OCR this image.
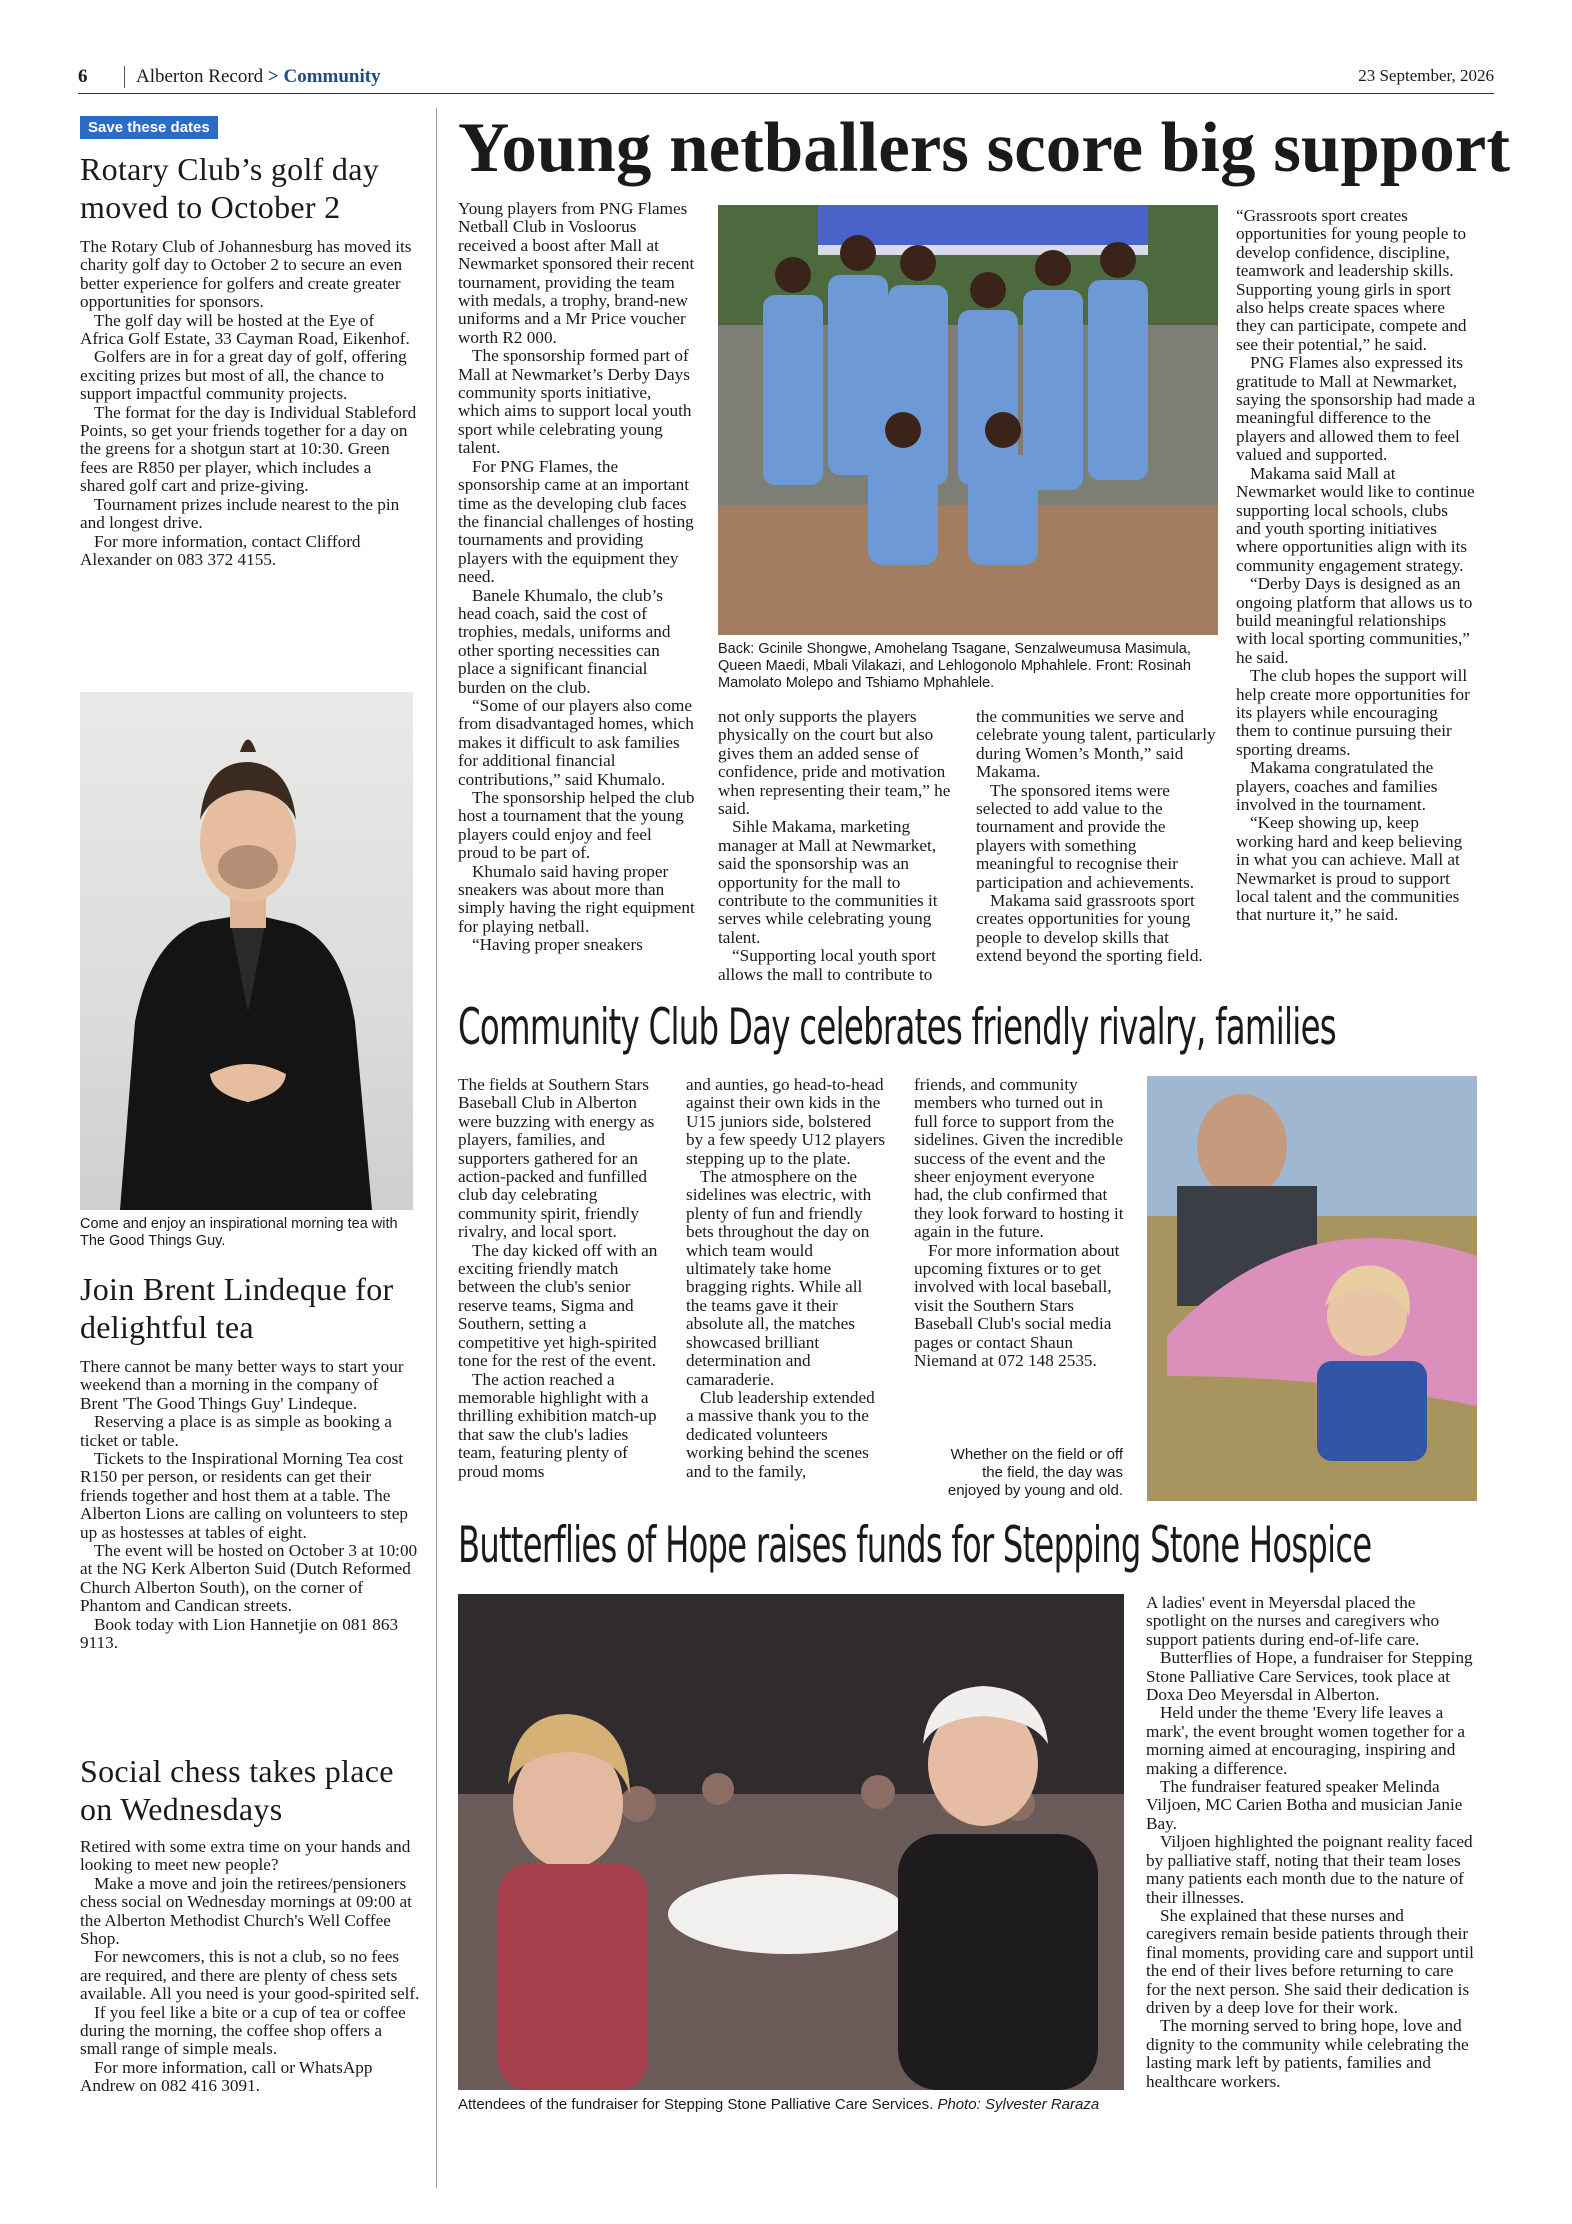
6	Alberton Record > Community	23 September, 2026
Save these dates
Rotary Club’s golf day moved to October 2

The Rotary Club of Johannesburg has moved its charity golf day to October 2 to secure an even better experience for golfers and create greater opportunities for sponsors.

The golf day will be hosted at the Eye of Africa Golf Estate, 33 Cayman Road, Eikenhof.

Golfers are in for a great day of golf, offering exciting prizes but most of all, the chance to support impactful community projects.

The format for the day is Individual Stableford Points, so get your friends together for a day on the greens for a shotgun start at 10:30. Green fees are R850 per player, which includes a shared golf cart and prize-giving.

Tournament prizes include nearest to the pin and longest drive.

For more information, contact Clifford Alexander on 083 372 4155.

Come and enjoy an inspirational morning tea with The Good Things Guy.
Join Brent Lindeque for delightful tea

There cannot be many better ways to start your weekend than a morning in the company of Brent 'The Good Things Guy' Lindeque.

Reserving a place is as simple as booking a ticket or table.

Tickets to the Inspirational Morning Tea cost R150 per person, or residents can get their friends together and host them at a table. The Alberton Lions are calling on volunteers to step up as hostesses at tables of eight.

The event will be hosted on October 3 at 10:00 at the NG Kerk Alberton Suid (Dutch Reformed Church Alberton South), on the corner of Phantom and Candican streets.

Book today with Lion Hannetjie on 081 863 9113.

Social chess takes place on Wednesdays

Retired with some extra time on your hands and looking to meet new people?

Make a move and join the retirees/pensioners chess social on Wednesday mornings at 09:00 at the Alberton Methodist Church's Well Coffee Shop.

For newcomers, this is not a club, so no fees are required, and there are plenty of chess sets available. All you need is your good-spirited self.

If you feel like a bite or a cup of tea or coffee during the morning, the coffee shop offers a small range of simple meals.

For more information, call or WhatsApp Andrew on 082 416 3091.

Young netballers score big support

Young players from PNG Flames Netball Club in Vosloorus received a boost after Mall at Newmarket sponsored their recent tournament, providing the team with medals, a trophy, brand-new uniforms and a Mr Price voucher worth R2 000.

The sponsorship formed part of Mall at Newmarket’s Derby Days community sports initiative, which aims to support local youth sport while celebrating young talent.

For PNG Flames, the sponsorship came at an important time as the developing club faces the financial challenges of hosting tournaments and providing players with the equipment they need.

Banele Khumalo, the club’s head coach, said the cost of trophies, medals, uniforms and other sporting necessities can place a significant financial burden on the club.

“Some of our players also come from disadvantaged homes, which makes it difficult to ask families for additional financial contributions,” said Khumalo.

The sponsorship helped the club host a tournament that the young players could enjoy and feel proud to be part of.

Khumalo said having proper sneakers was about more than simply having the right equipment for playing netball.

“Having proper sneakers

Back: Gcinile Shongwe, Amohelang Tsagane, Senzalweumusa Masimula, Queen Maedi, Mbali Vilakazi, and Lehlogonolo Mphahlele. Front: Rosinah Mamolato Molepo and Tshiamo Mphahlele.

not only supports the players physically on the court but also gives them an added sense of confidence, pride and motivation when representing their team,” he said.

Sihle Makama, marketing manager at Mall at Newmarket, said the sponsorship was an opportunity for the mall to contribute to the communities it serves while celebrating young talent.

“Supporting local youth sport allows the mall to contribute to

the communities we serve and celebrate young talent, particularly during Women’s Month,” said Makama.

The sponsored items were selected to add value to the tournament and provide the players with something meaningful to recognise their participation and achievements.

Makama said grassroots sport creates opportunities for young people to develop skills that extend beyond the sporting field.

“Grassroots sport creates opportunities for young people to develop confidence, discipline, teamwork and leadership skills. Supporting young girls in sport also helps create spaces where they can participate, compete and see their potential,” he said.

PNG Flames also expressed its gratitude to Mall at Newmarket, saying the sponsorship had made a meaningful difference to the players and allowed them to feel valued and supported.

Makama said Mall at Newmarket would like to continue supporting local schools, clubs and youth sporting initiatives where opportunities align with its community engagement strategy.

“Derby Days is designed as an ongoing platform that allows us to build meaningful relationships with local sporting communities,” he said.

The club hopes the support will help create more opportunities for its players while encouraging them to continue pursuing their sporting dreams.

Makama congratulated the players, coaches and families involved in the tournament.

“Keep showing up, keep working hard and keep believing in what you can achieve. Mall at Newmarket is proud to support local talent and the communities that nurture it,” he said.

Community Club Day celebrates friendly rivalry, families

The fields at Southern Stars Baseball Club in Alberton were buzzing with energy as players, families, and supporters gathered for an action-packed and funfilled club day celebrating community spirit, friendly rivalry, and local sport.

The day kicked off with an exciting friendly match between the club's senior reserve teams, Sigma and Southern, setting a competitive yet high-spirited tone for the rest of the event.

The action reached a memorable highlight with a thrilling exhibition match-up that saw the club's ladies team, featuring plenty of proud moms

and aunties, go head-to-head against their own kids in the U15 juniors side, bolstered by a few speedy U12 players stepping up to the plate.

The atmosphere on the sidelines was electric, with plenty of fun and friendly bets throughout the day on which team would ultimately take home bragging rights. While all the teams gave it their absolute all, the matches showcased brilliant determination and camaraderie.

Club leadership extended a massive thank you to the dedicated volunteers working behind the scenes and to the family,

friends, and community members who turned out in full force to support from the sidelines. Given the incredible success of the event and the sheer enjoyment everyone had, the club confirmed that they look forward to hosting it again in the future.

For more information about upcoming fixtures or to get involved with local baseball, visit the Southern Stars Baseball Club's social media pages or contact Shaun Niemand at 072 148 2535.

Whether on the field or off the field, the day was enjoyed by young and old.
Butterflies of Hope raises funds for Stepping Stone Hospice
Attendees of the fundraiser for Stepping Stone Palliative Care Services. Photo: Sylvester Raraza

A ladies' event in Meyersdal placed the spotlight on the nurses and caregivers who support patients during end-of-life care.

Butterflies of Hope, a fundraiser for Stepping Stone Palliative Care Services, took place at Doxa Deo Meyersdal in Alberton.

Held under the theme 'Every life leaves a mark', the event brought women together for a morning aimed at encouraging, inspiring and making a difference.

The fundraiser featured speaker Melinda Viljoen, MC Carien Botha and musician Janie Bay.

Viljoen highlighted the poignant reality faced by palliative staff, noting that their team loses many patients each month due to the nature of their illnesses.

She explained that these nurses and caregivers remain beside patients through their final moments, providing care and support until the end of their lives before returning to care for the next person. She said their dedication is driven by a deep love for their work.

The morning served to bring hope, love and dignity to the community while celebrating the lasting mark left by patients, families and healthcare workers.
